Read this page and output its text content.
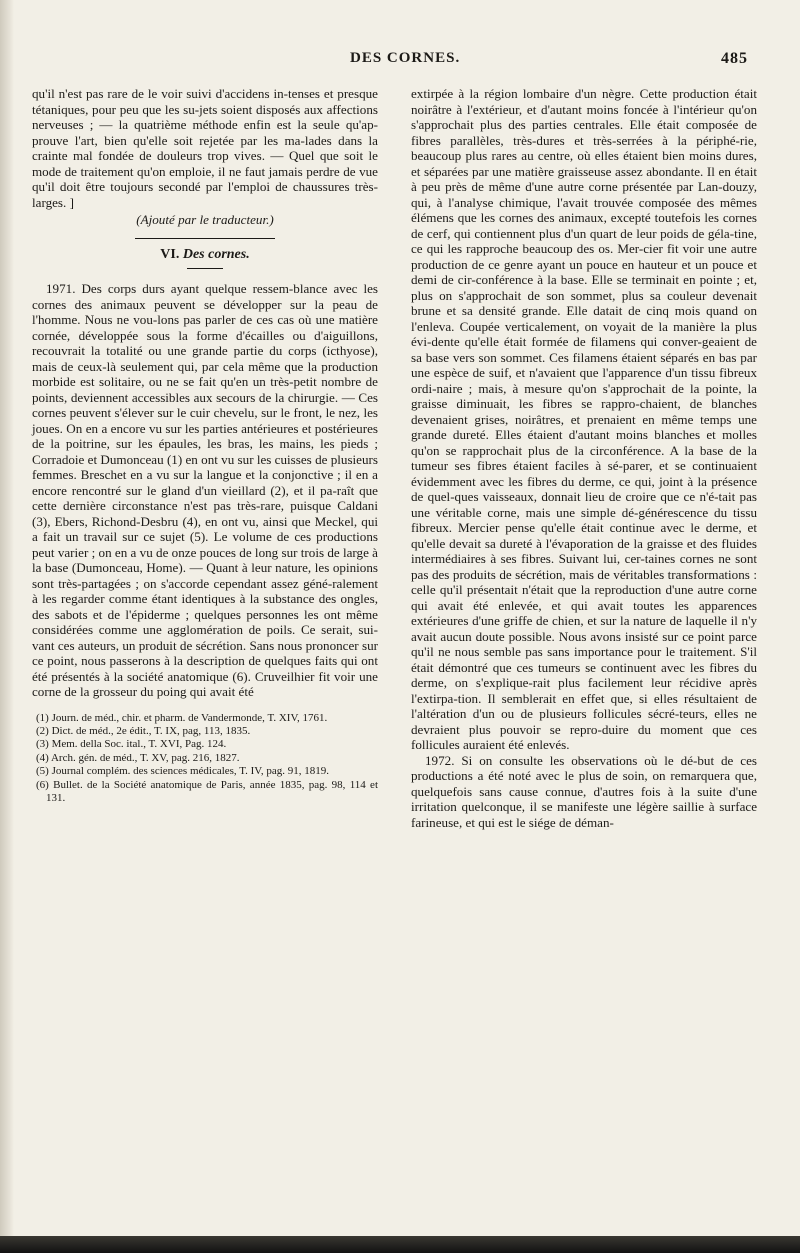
DES CORNES.	485

qu'il n'est pas rare de le voir suivi d'accidens in-tenses et presque tétaniques, pour peu que les su-jets soient disposés aux affections nerveuses ; — la quatrième méthode enfin est la seule qu'ap-prouve l'art, bien qu'elle soit rejetée par les ma-lades dans la crainte mal fondée de douleurs trop vives. — Quel que soit le mode de traitement qu'on emploie, il ne faut jamais perdre de vue qu'il doit être toujours secondé par l'emploi de chaussures très-larges. ]

(Ajouté par le traducteur.)
VI. Des cornes.

1971. Des corps durs ayant quelque ressem-blance avec les cornes des animaux peuvent se développer sur la peau de l'homme. Nous ne vou-lons pas parler de ces cas où une matière cornée, développée sous la forme d'écailles ou d'aiguillons, recouvrait la totalité ou une grande partie du corps (icthyose), mais de ceux-là seulement qui, par cela même que la production morbide est solitaire, ou ne se fait qu'en un très-petit nombre de points, deviennent accessibles aux secours de la chirurgie. — Ces cornes peuvent s'élever sur le cuir chevelu, sur le front, le nez, les joues. On en a encore vu sur les parties antérieures et postérieures de la poitrine, sur les épaules, les bras, les mains, les pieds ; Corradoie et Dumonceau (1) en ont vu sur les cuisses de plusieurs femmes. Breschet en a vu sur la langue et la conjonctive ; il en a encore rencontré sur le gland d'un vieillard (2), et il pa-raît que cette dernière circonstance n'est pas très-rare, puisque Caldani (3), Ebers, Richond-Desbru (4), en ont vu, ainsi que Meckel, qui a fait un travail sur ce sujet (5). Le volume de ces productions peut varier ; on en a vu de onze pouces de long sur trois de large à la base (Dumonceau, Home). — Quant à leur nature, les opinions sont très-partagées ; on s'accorde cependant assez géné-ralement à les regarder comme étant identiques à la substance des ongles, des sabots et de l'épiderme ; quelques personnes les ont même considérées comme une agglomération de poils. Ce serait, sui-vant ces auteurs, un produit de sécrétion. Sans nous prononcer sur ce point, nous passerons à la description de quelques faits qui ont été présentés à la société anatomique (6). Cruveilhier fit voir une corne de la grosseur du poing qui avait été

(1) Journ. de méd., chir. et pharm. de Vandermonde, T. XIV, 1761.
(2) Dict. de méd., 2e édit., T. IX, pag, 113, 1835.
(3) Mem. della Soc. ital., T. XVI, Pag. 124.
(4) Arch. gén. de méd., T. XV, pag. 216, 1827.
(5) Journal complém. des sciences médicales, T. IV, pag. 91, 1819.
(6) Bullet. de la Société anatomique de Paris, année 1835, pag. 98, 114 et 131.

extirpée à la région lombaire d'un nègre. Cette production était noirâtre à l'extérieur, et d'autant moins foncée à l'intérieur qu'on s'approchait plus des parties centrales. Elle était composée de fibres parallèles, très-dures et très-serrées à la périphé-rie, beaucoup plus rares au centre, où elles étaient bien moins dures, et séparées par une matière graisseuse assez abondante. Il en était à peu près de même d'une autre corne présentée par Lan-douzy, qui, à l'analyse chimique, l'avait trouvée composée des mêmes élémens que les cornes des animaux, excepté toutefois les cornes de cerf, qui contiennent plus d'un quart de leur poids de géla-tine, ce qui les rapproche beaucoup des os. Mer-cier fit voir une autre production de ce genre ayant un pouce en hauteur et un pouce et demi de cir-conférence à la base. Elle se terminait en pointe ; et, plus on s'approchait de son sommet, plus sa couleur devenait brune et sa densité grande. Elle datait de cinq mois quand on l'enleva. Coupée verticalement, on voyait de la manière la plus évi-dente qu'elle était formée de filamens qui conver-geaient de sa base vers son sommet. Ces filamens étaient séparés en bas par une espèce de suif, et n'avaient que l'apparence d'un tissu fibreux ordi-naire ; mais, à mesure qu'on s'approchait de la pointe, la graisse diminuait, les fibres se rappro-chaient, de blanches devenaient grises, noirâtres, et prenaient en même temps une grande dureté. Elles étaient d'autant moins blanches et molles qu'on se rapprochait plus de la circonférence. A la base de la tumeur ses fibres étaient faciles à sé-parer, et se continuaient évidemment avec les fibres du derme, ce qui, joint à la présence de quel-ques vaisseaux, donnait lieu de croire que ce n'é-tait pas une véritable corne, mais une simple dé-générescence du tissu fibreux. Mercier pense qu'elle était continue avec le derme, et qu'elle devait sa dureté à l'évaporation de la graisse et des fluides intermédiaires à ses fibres. Suivant lui, cer-taines cornes ne sont pas des produits de sécrétion, mais de véritables transformations : celle qu'il présentait n'était que la reproduction d'une autre corne qui avait été enlevée, et qui avait toutes les apparences extérieures d'une griffe de chien, et sur la nature de laquelle il n'y avait aucun doute possible. Nous avons insisté sur ce point parce qu'il ne nous semble pas sans importance pour le traitement. S'il était démontré que ces tumeurs se continuent avec les fibres du derme, on s'explique-rait plus facilement leur récidive après l'extirpa-tion. Il semblerait en effet que, si elles résultaient de l'altération d'un ou de plusieurs follicules sécré-teurs, elles ne devraient plus pouvoir se repro-duire du moment que ces follicules auraient été enlevés.

1972. Si on consulte les observations où le dé-but de ces productions a été noté avec le plus de soin, on remarquera que, quelquefois sans cause connue, d'autres fois à la suite d'une irritation quelconque, il se manifeste une légère saillie à surface farineuse, et qui est le siége de déman-
